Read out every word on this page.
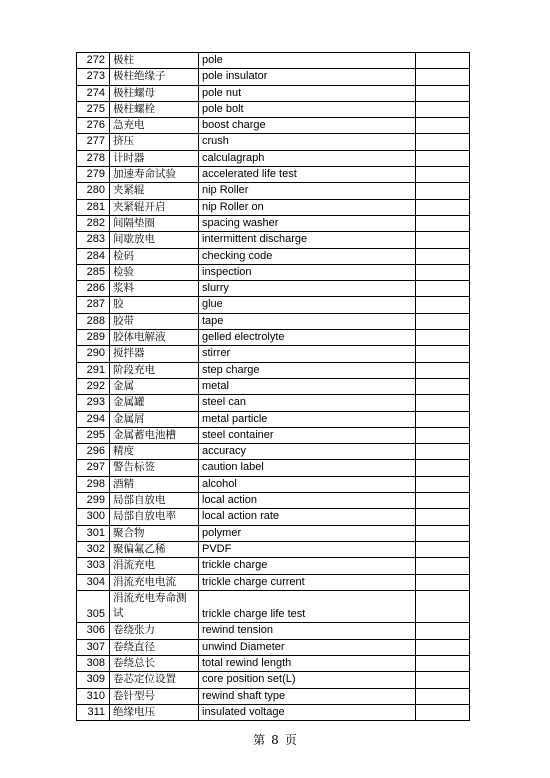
272	极柱	pole	
273	极柱绝缘子	pole insulator	
274	极柱螺母	pole nut	
275	极柱螺栓	pole bolt	
276	急充电	boost charge	
277	挤压	crush	
278	计时器	calculagraph	
279	加速寿命试验	accelerated life test	
280	夹紧辊	nip Roller	
281	夹紧辊开启	nip Roller on	
282	间隔垫圈	spacing washer	
283	间歇放电	intermittent discharge	
284	检码	checking code	
285	检验	inspection	
286	浆料	slurry	
287	胶	glue	
288	胶带	tape	
289	胶体电解液	gelled electrolyte	
290	搅拌器	stirrer	
291	阶段充电	step charge	
292	金属	metal	
293	金属罐	steel can	
294	金属屑	metal particle	
295	金属蓄电池槽	steel container	
296	精度	accuracy	
297	警告标签	caution label	
298	酒精	alcohol	
299	局部自放电	local action	
300	局部自放电率	local action rate	
301	聚合物	polymer	
302	聚偏氟乙稀	PVDF	
303	涓流充电	trickle charge	
304	涓流充电电流	trickle charge current	
305	涓流充电寿命测试	trickle charge life test	
306	卷绕张力	rewind tension	
307	卷绕直径	unwind Diameter	
308	卷绕总长	total rewind length	
309	卷芯定位设置	core position set(L)	
310	卷针型号	rewind shaft type	
311	绝缘电压	insulated voltage	
第 8 页
